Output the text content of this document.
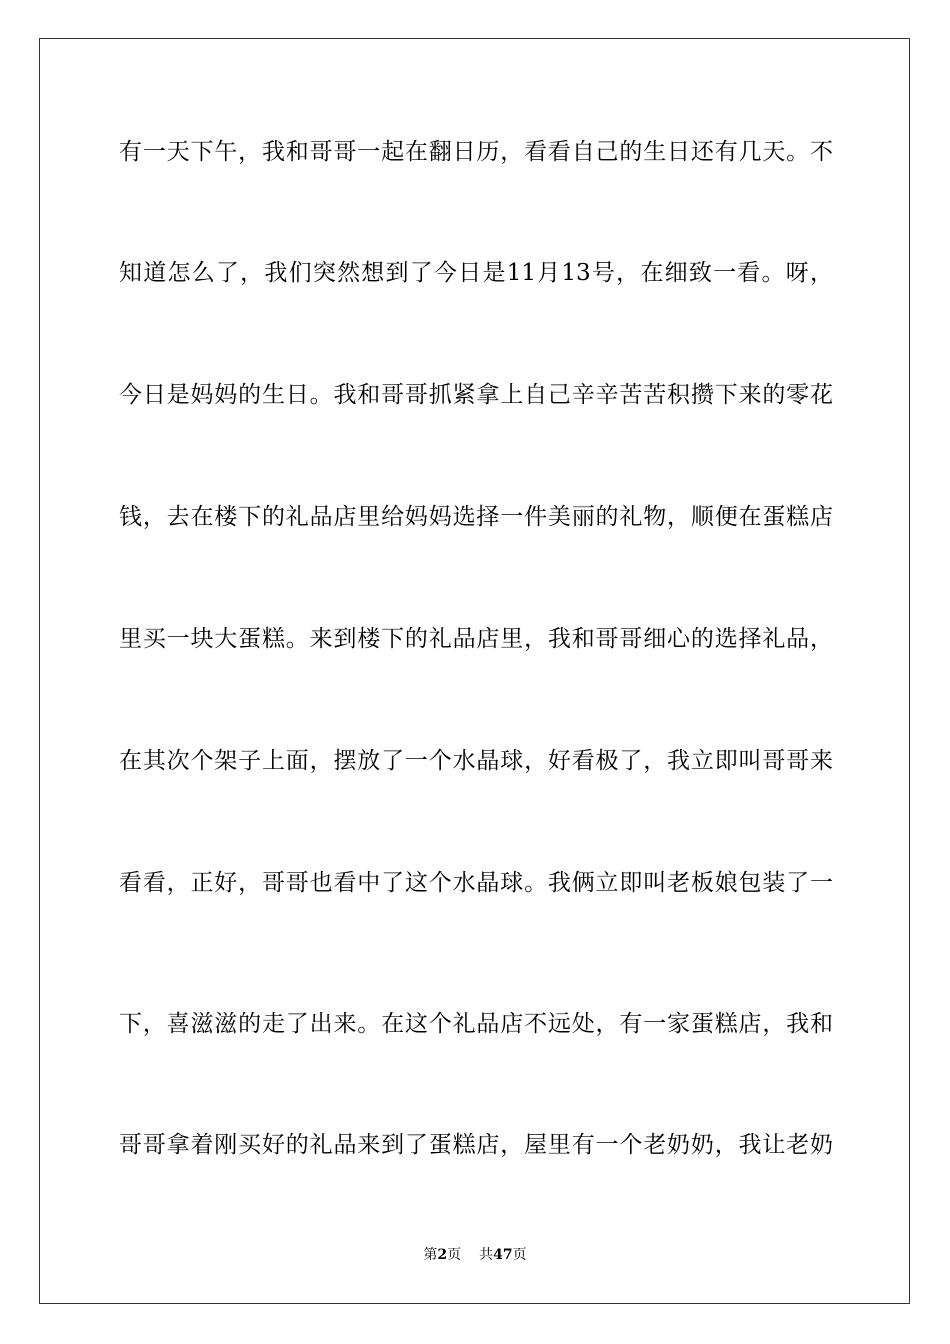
有一天下午，我和哥哥一起在翻日历，看看自己的生日还有几天。不
知道怎么了，我们突然想到了今日是11月13号，在细致一看。呀，
今日是妈妈的生日。我和哥哥抓紧拿上自己辛辛苦苦积攒下来的零花
钱，去在楼下的礼品店里给妈妈选择一件美丽的礼物，顺便在蛋糕店
里买一块大蛋糕。来到楼下的礼品店里，我和哥哥细心的选择礼品，
在其次个架子上面，摆放了一个水晶球，好看极了，我立即叫哥哥来
看看，正好，哥哥也看中了这个水晶球。我俩立即叫老板娘包装了一
下，喜滋滋的走了出来。在这个礼品店不远处，有一家蛋糕店，我和
哥哥拿着刚买好的礼品来到了蛋糕店，屋里有一个老奶奶，我让老奶
第2页 共47页
